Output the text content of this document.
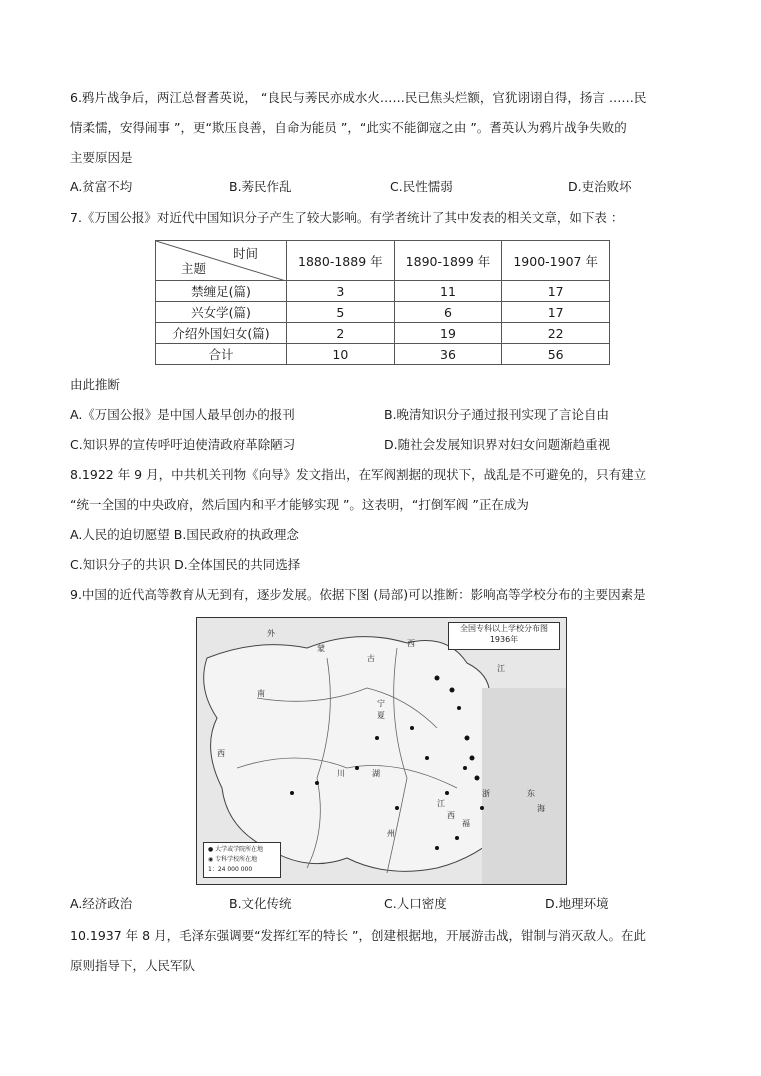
6.鸦片战争后，两江总督耆英说， “良民与莠民亦成水火……民已焦头烂额，官犹诩诩自得，扬言 ……民
情柔懦，安得闹事 ”，更“欺压良善，自命为能员 ”，“此实不能御寇之由 ”。耆英认为鸦片战争失败的
主要原因是
A.贫富不均	B.莠民作乱	C.民性懦弱	D.吏治败坏
7.《万国公报》对近代中国知识分子产生了较大影响。有学者统计了其中发表的相关文章，如下表 ：
时间
主题	1880-1889 年	1890-1899 年	1900-1907 年
禁缠足(篇)	3	11	17
兴女学(篇)	5	6	17
介绍外国妇女(篇)	2	19	22
合计	10	36	56
由此推断
A.《万国公报》是中国人最早创办的报刊	B.晚清知识分子通过报刊实现了言论自由
C.知识界的宣传呼吁迫使清政府革除陋习	D.随社会发展知识界对妇女问题渐趋重视
8.1922 年 9 月，中共机关刊物《向导》发文指出，在军阀割据的现状下，战乱是不可避免的，只有建立
“统一全国的中央政府，然后国内和平才能够实现 ”。这表明，“打倒军阀 ”正在成为
A.人民的迫切愿望 B.国民政府的执政理念
C.知识分子的共识 D.全体国民的共同选择
9.中国的近代高等教育从无到有，逐步发展。依据下图 (局部)可以推断：影响高等学校分布的主要因素是
外
蒙
古
西
江
东
海
南
川	湖
浙
福
州
西
宁
夏
江
西
全国专科以上学校分布图
1936年
● 大学或学院所在地
◉ 专科学校所在地
1：24 000 000
A.经济政治	B.文化传统	C.人口密度	D.地理环境
10.1937 年 8 月，毛泽东强调要“发挥红军的特长 ”，创建根据地，开展游击战，钳制与消灭敌人。在此
原则指导下，人民军队
